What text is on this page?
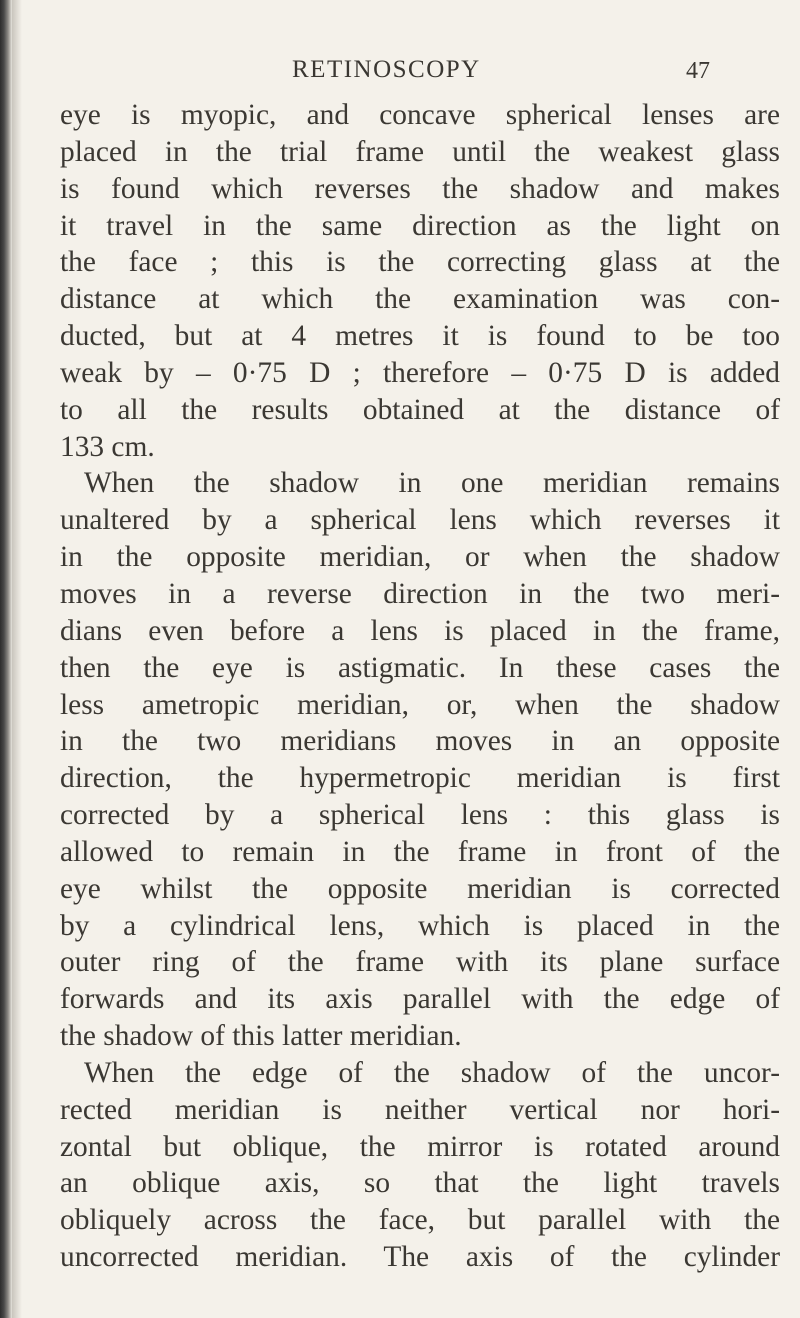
RETINOSCOPY	47
eye is myopic, and concave spherical lenses are
placed in the trial frame until the weakest glass
is found which reverses the shadow and makes
it travel in the same direction as the light on
the face ; this is the correcting glass at the
distance at which the examination was con-
ducted, but at 4 metres it is found to be too
weak by – 0·75 D ; therefore – 0·75 D is added
to all the results obtained at the distance of
133 cm.
When the shadow in one meridian remains
unaltered by a spherical lens which reverses it
in the opposite meridian, or when the shadow
moves in a reverse direction in the two meri-
dians even before a lens is placed in the frame,
then the eye is astigmatic. In these cases the
less ametropic meridian, or, when the shadow
in the two meridians moves in an opposite
direction, the hypermetropic meridian is first
corrected by a spherical lens : this glass is
allowed to remain in the frame in front of the
eye whilst the opposite meridian is corrected
by a cylindrical lens, which is placed in the
outer ring of the frame with its plane surface
forwards and its axis parallel with the edge of
the shadow of this latter meridian.
When the edge of the shadow of the uncor-
rected meridian is neither vertical nor hori-
zontal but oblique, the mirror is rotated around
an oblique axis, so that the light travels
obliquely across the face, but parallel with the
uncorrected meridian. The axis of the cylinder
